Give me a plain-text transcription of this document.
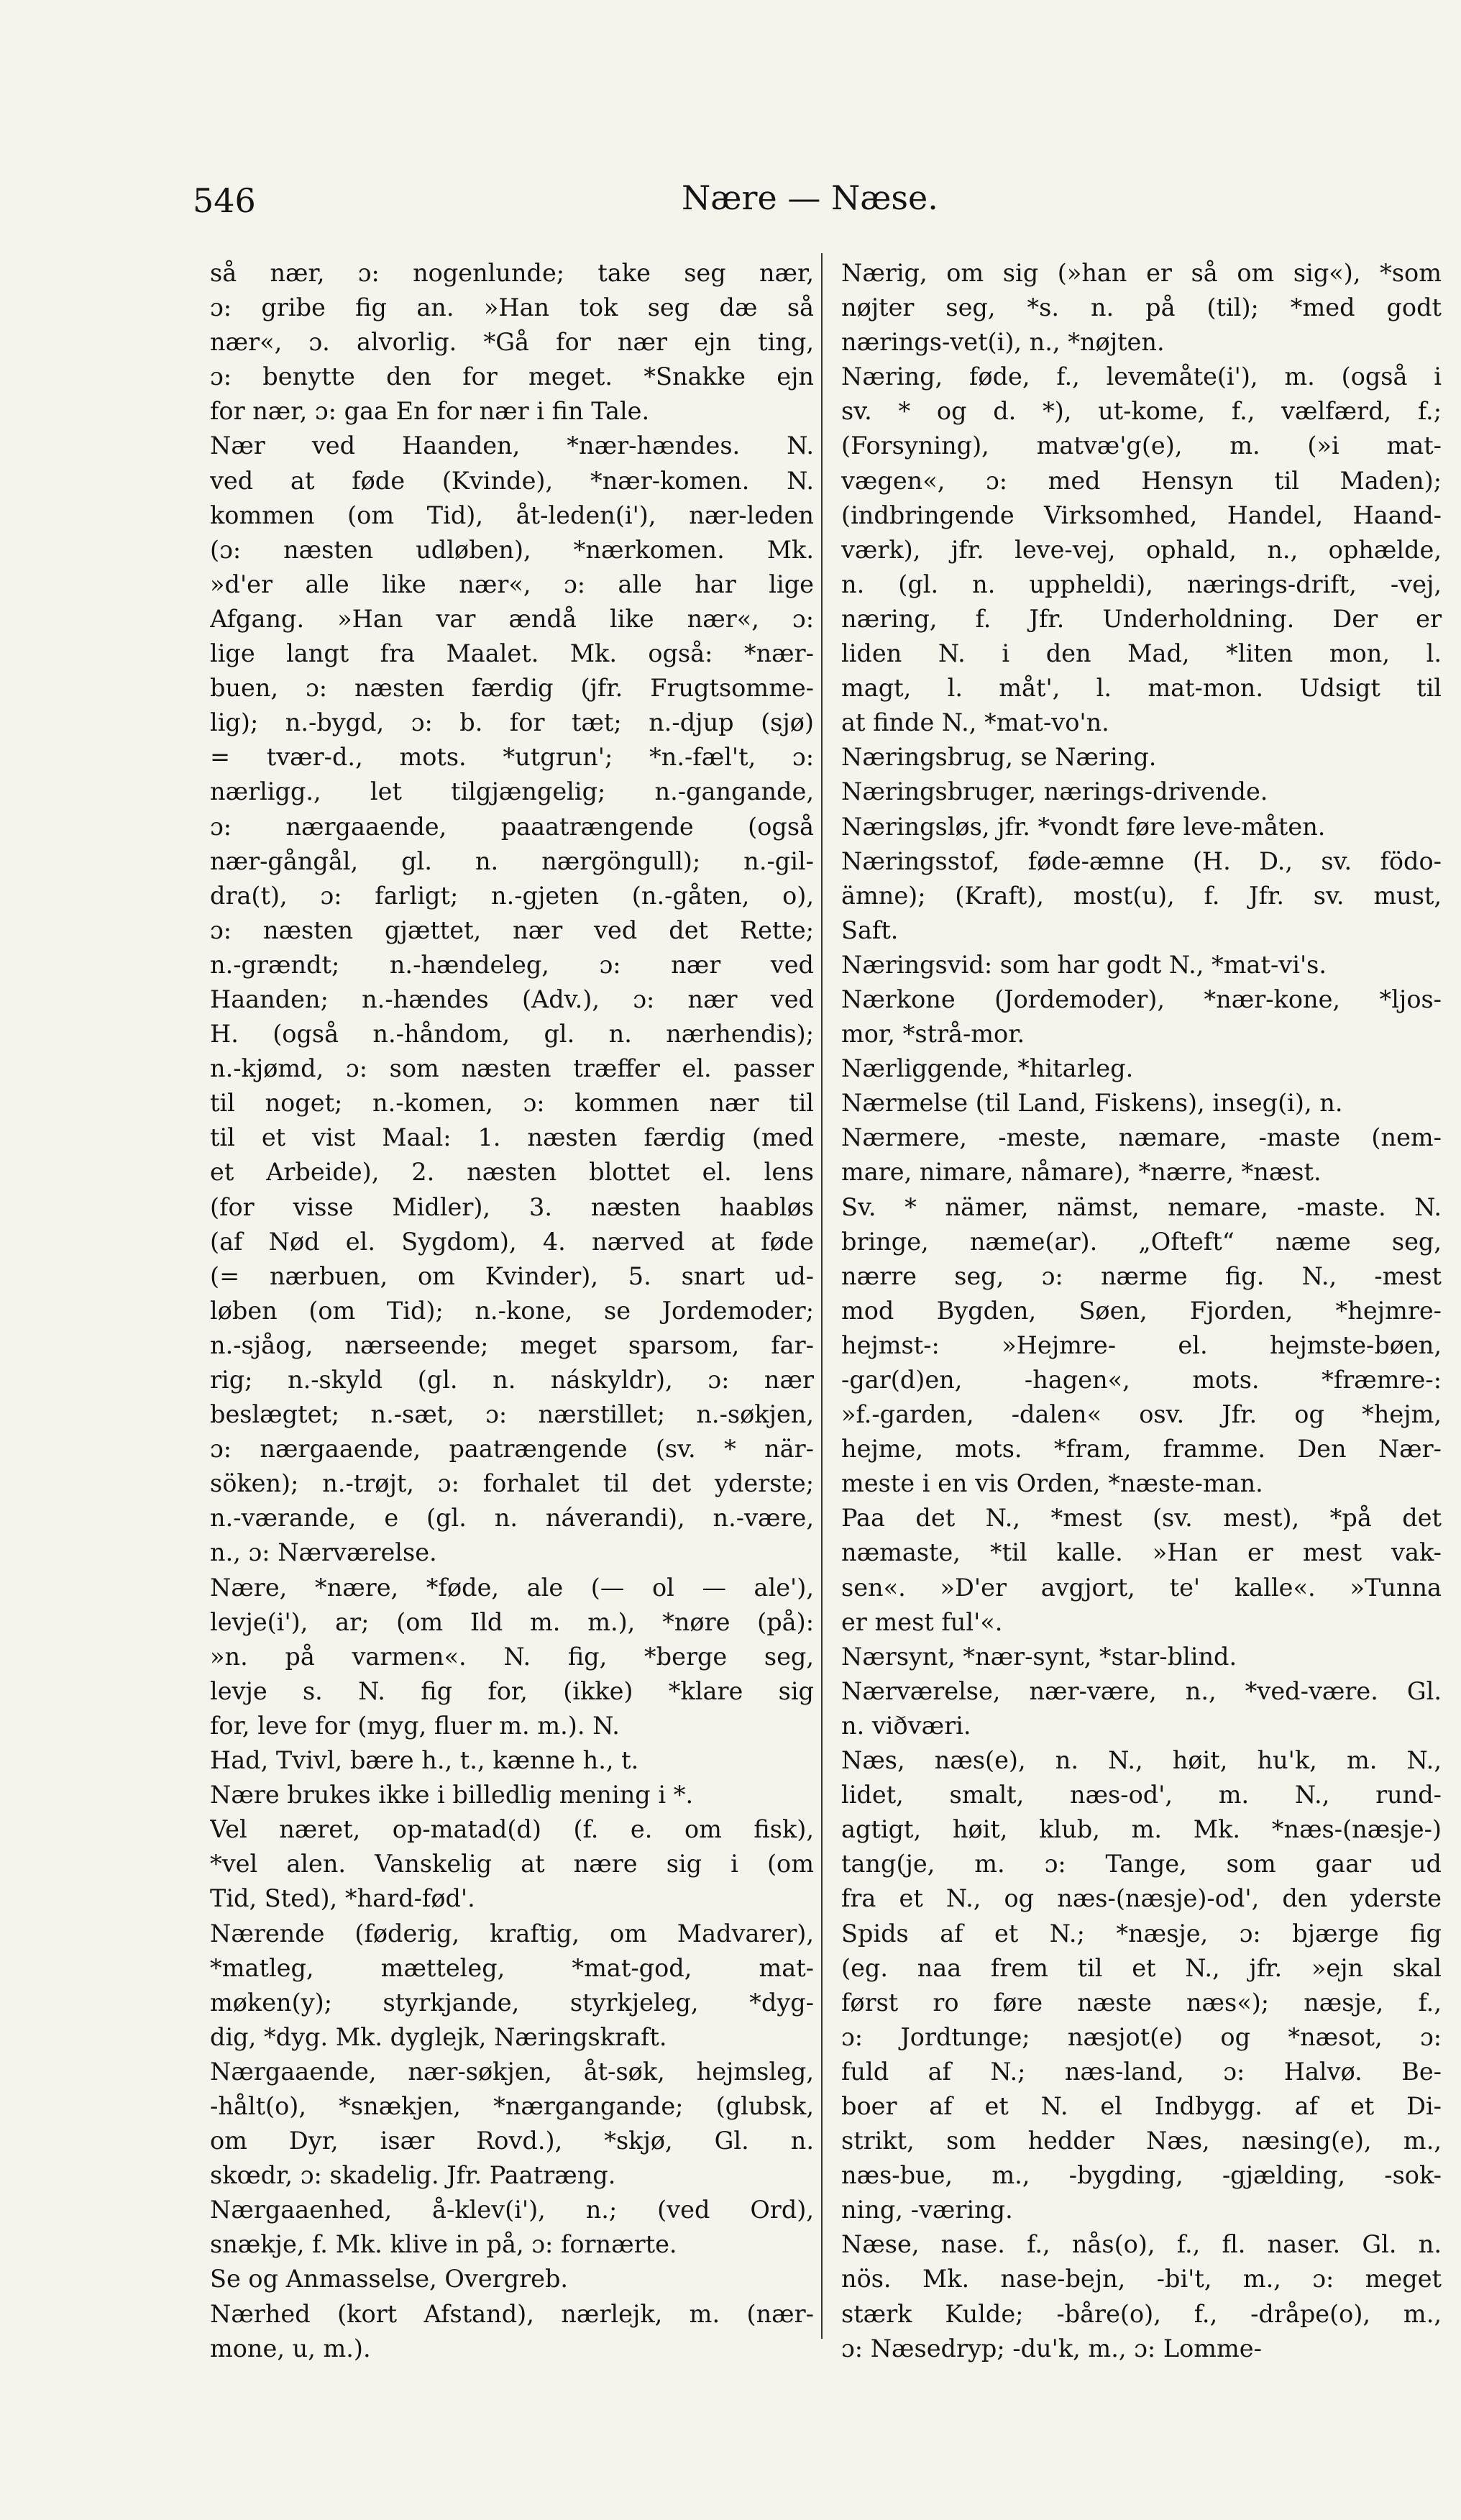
546	Nære — Næse.
så nær, ɔ: nogenlunde; take seg nær,
ɔ: gribe fig an. »Han tok seg dæ så
nær«, ɔ. alvorlig. *Gå for nær ejn ting,
ɔ: benytte den for meget. *Snakke ejn
for nær, ɔ: gaa En for nær i fin Tale.
Nær ved Haanden, *nær-hændes. N.
ved at føde (Kvinde), *nær-komen. N.
kommen (om Tid), åt-leden(i'), nær-leden
(ɔ: næsten udløben), *nærkomen. Mk.
»d'er alle like nær«, ɔ: alle har lige
Afgang. »Han var ændå like nær«, ɔ:
lige langt fra Maalet. Mk. også: *nær-
buen, ɔ: næsten færdig (jfr. Frugtsomme-
lig); n.-bygd, ɔ: b. for tæt; n.-djup (sjø)
= tvær-d., mots. *utgrun'; *n.-fæl't, ɔ:
nærligg., let tilgjængelig; n.-gangande,
ɔ: nærgaaende, paaatrængende (også
nær-gångål, gl. n. nærgöngull); n.-gil-
dra(t), ɔ: farligt; n.-gjeten (n.-gåten, o),
ɔ: næsten gjættet, nær ved det Rette;
n.-grændt; n.-hændeleg, ɔ: nær ved
Haanden; n.-hændes (Adv.), ɔ: nær ved
H. (også n.-håndom, gl. n. nærhendis);
n.-kjømd, ɔ: som næsten træffer el. passer
til noget; n.-komen, ɔ: kommen nær til
til et vist Maal: 1. næsten færdig (med
et Arbeide), 2. næsten blottet el. lens
(for visse Midler), 3. næsten haabløs
(af Nød el. Sygdom), 4. nærved at føde
(= nærbuen, om Kvinder), 5. snart ud-
løben (om Tid); n.-kone, se Jordemoder;
n.-sjåog, nærseende; meget sparsom, far-
rig; n.-skyld (gl. n. náskyldr), ɔ: nær
beslægtet; n.-sæt, ɔ: nærstillet; n.-søkjen,
ɔ: nærgaaende, paatrængende (sv. * när-
söken); n.-trøjt, ɔ: forhalet til det yderste;
n.-værande, e (gl. n. náverandi), n.-være,
n., ɔ: Nærværelse.
Nære, *nære, *føde, ale (— ol — ale'),
levje(i'), ar; (om Ild m. m.), *nøre (på):
»n. på varmen«. N. fig, *berge seg,
levje s. N. fig for, (ikke) *klare sig
for, leve for (myg, fluer m. m.). N.
Had, Tvivl, bære h., t., kænne h., t.
Nære brukes ikke i billedlig mening i *.
Vel næret, op-matad(d) (f. e. om fisk),
*vel alen. Vanskelig at nære sig i (om
Tid, Sted), *hard-fød'.
Nærende (føderig, kraftig, om Madvarer),
*matleg, mætteleg, *mat-god, mat-
møken(y); styrkjande, styrkjeleg, *dyg-
dig, *dyg. Mk. dyglejk, Næringskraft.
Nærgaaende, nær-søkjen, åt-søk, hejmsleg,
-hålt(o), *snækjen, *nærgangande; (glubsk,
om Dyr, især Rovd.), *skjø, Gl. n.
skœdr, ɔ: skadelig. Jfr. Paatræng.
Nærgaaenhed, å-klev(i'), n.; (ved Ord),
snækje, f. Mk. klive in på, ɔ: fornærte.
Se og Anmasselse, Overgreb.
Nærhed (kort Afstand), nærlejk, m. (nær-
mone, u, m.).
Nærig, om sig (»han er så om sig«), *som
nøjter seg, *s. n. på (til); *med godt
nærings-vet(i), n., *nøjten.
Næring, føde, f., levemåte(i'), m. (også i
sv. * og d. *), ut-kome, f., vælfærd, f.;
(Forsyning), matvæ'g(e), m. (»i mat-
vægen«, ɔ: med Hensyn til Maden);
(indbringende Virksomhed, Handel, Haand-
værk), jfr. leve-vej, ophald, n., ophælde,
n. (gl. n. uppheldi), nærings-drift, -vej,
næring, f. Jfr. Underholdning. Der er
liden N. i den Mad, *liten mon, l.
magt, l. måt', l. mat-mon. Udsigt til
at finde N., *mat-vo'n.
Næringsbrug, se Næring.
Næringsbruger, nærings-drivende.
Næringsløs, jfr. *vondt føre leve-måten.
Næringsstof, føde-æmne (H. D., sv. födo-
ämne); (Kraft), most(u), f. Jfr. sv. must,
Saft.
Næringsvid: som har godt N., *mat-vi's.
Nærkone (Jordemoder), *nær-kone, *ljos-
mor, *strå-mor.
Nærliggende, *hitarleg.
Nærmelse (til Land, Fiskens), inseg(i), n.
Nærmere, -meste, næmare, -maste (nem-
mare, nimare, nåmare), *nærre, *næst.
Sv. * nämer, nämst, nemare, -maste. N.
bringe, næme(ar). „Ofteft“ næme seg,
nærre seg, ɔ: nærme fig. N., -mest
mod Bygden, Søen, Fjorden, *hejmre-
hejmst-: »Hejmre- el. hejmste-bøen,
-gar(d)en, -hagen«, mots. *fræmre-:
»f.-garden, -dalen« osv. Jfr. og *hejm,
hejme, mots. *fram, framme. Den Nær-
meste i en vis Orden, *næste-man.
Paa det N., *mest (sv. mest), *på det
næmaste, *til kalle. »Han er mest vak-
sen«. »D'er avgjort, te' kalle«. »Tunna
er mest ful'«.
Nærsynt, *nær-synt, *star-blind.
Nærværelse, nær-være, n., *ved-være. Gl.
n. viðværi.
Næs, næs(e), n. N., høit, hu'k, m. N.,
lidet, smalt, næs-od', m. N., rund-
agtigt, høit, klub, m. Mk. *næs-(næsje-)
tang(je, m. ɔ: Tange, som gaar ud
fra et N., og næs-(næsje)-od', den yderste
Spids af et N.; *næsje, ɔ: bjærge fig
(eg. naa frem til et N., jfr. »ejn skal
først ro føre næste næs«); næsje, f.,
ɔ: Jordtunge; næsjot(e) og *næsot, ɔ:
fuld af N.; næs-land, ɔ: Halvø. Be-
boer af et N. el Indbygg. af et Di-
strikt, som hedder Næs, næsing(e), m.,
næs-bue, m., -bygding, -gjælding, -sok-
ning, -væring.
Næse, nase. f., nås(o), f., fl. naser. Gl. n.
nös. Mk. nase-bejn, -bi't, m., ɔ: meget
stærk Kulde; -båre(o), f., -dråpe(o), m.,
ɔ: Næsedryp; -du'k, m., ɔ: Lomme-
